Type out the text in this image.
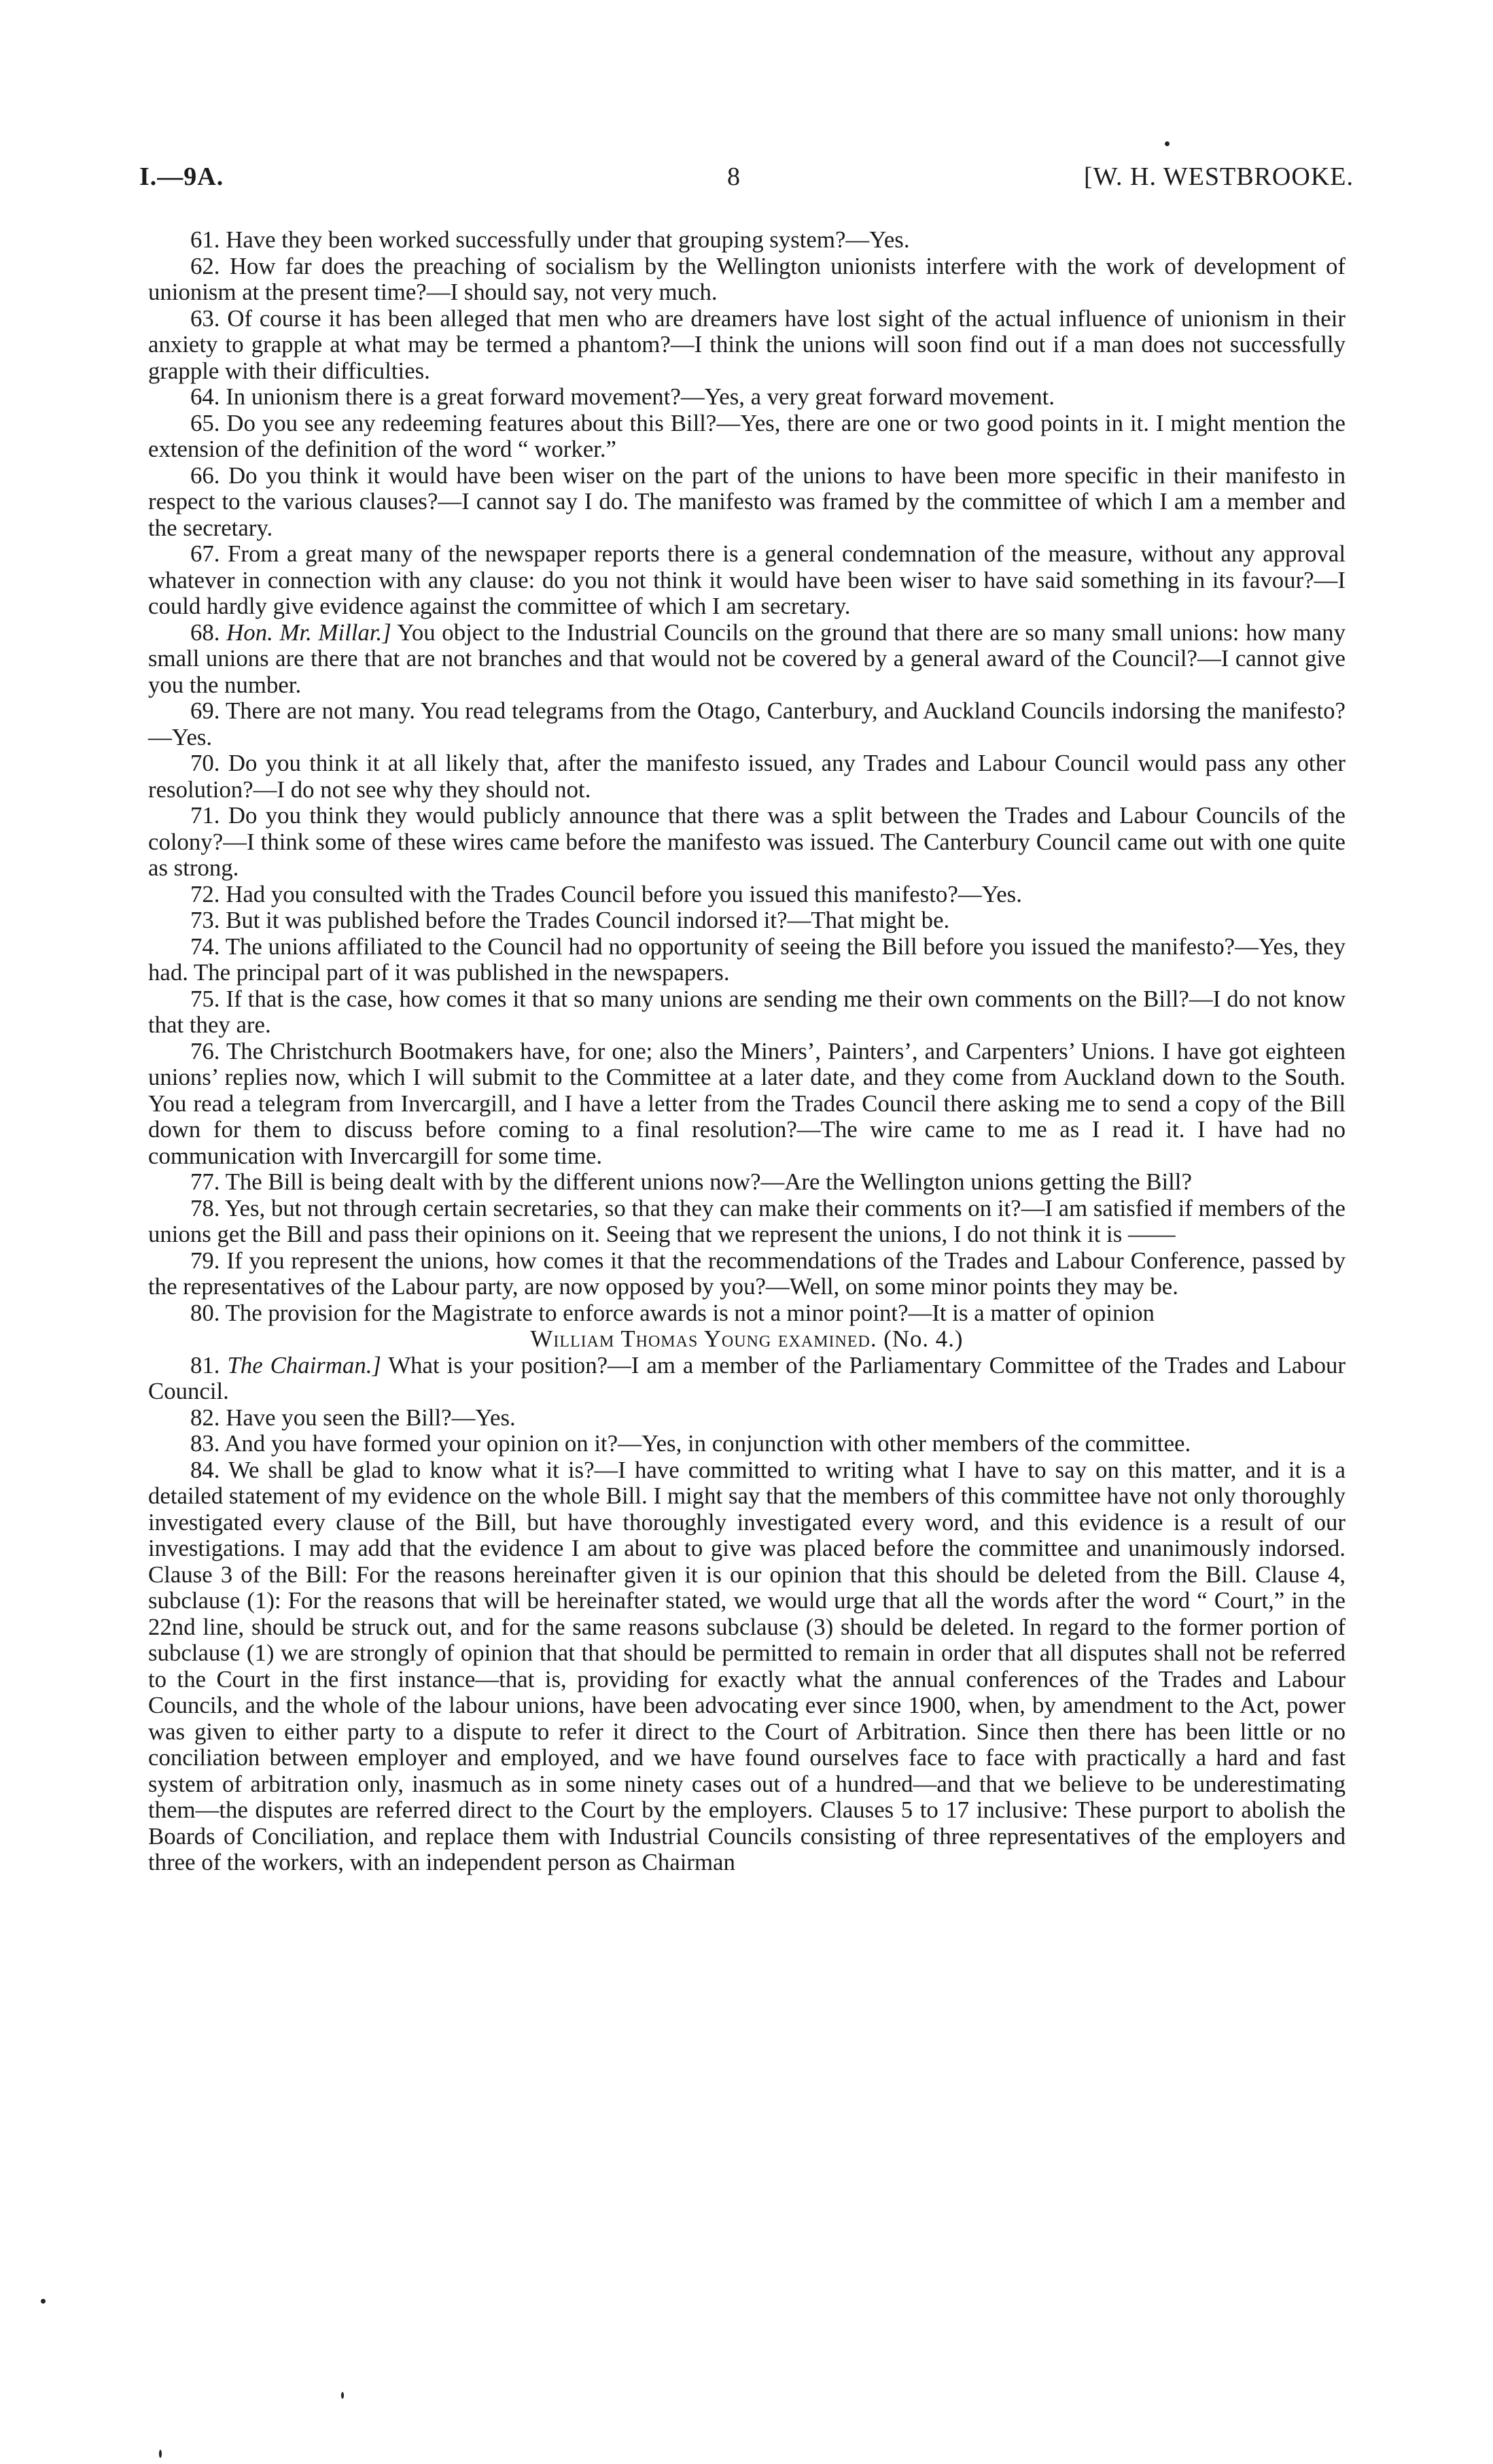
I.—9A.	8	[W. H. WESTBROOKE.

61. Have they been worked successfully under that grouping system?—Yes.

62. How far does the preaching of socialism by the Wellington unionists interfere with the work of development of unionism at the present time?—I should say, not very much.

63. Of course it has been alleged that men who are dreamers have lost sight of the actual influence of unionism in their anxiety to grapple at what may be termed a phantom?—I think the unions will soon find out if a man does not successfully grapple with their difficulties.

64. In unionism there is a great forward movement?—Yes, a very great forward movement.

65. Do you see any redeeming features about this Bill?—Yes, there are one or two good points in it. I might mention the extension of the definition of the word “ worker.”

66. Do you think it would have been wiser on the part of the unions to have been more specific in their manifesto in respect to the various clauses?—I cannot say I do. The manifesto was framed by the committee of which I am a member and the secretary.

67. From a great many of the newspaper reports there is a general condemnation of the measure, without any approval whatever in connection with any clause: do you not think it would have been wiser to have said something in its favour?—I could hardly give evidence against the committee of which I am secretary.

68. Hon. Mr. Millar.] You object to the Industrial Councils on the ground that there are so many small unions: how many small unions are there that are not branches and that would not be covered by a general award of the Council?—I cannot give you the number.

69. There are not many. You read telegrams from the Otago, Canterbury, and Auckland Councils indorsing the manifesto?—Yes.

70. Do you think it at all likely that, after the manifesto issued, any Trades and Labour Council would pass any other resolution?—I do not see why they should not.

71. Do you think they would publicly announce that there was a split between the Trades and Labour Councils of the colony?—I think some of these wires came before the manifesto was issued. The Canterbury Council came out with one quite as strong.

72. Had you consulted with the Trades Council before you issued this manifesto?—Yes.

73. But it was published before the Trades Council indorsed it?—That might be.

74. The unions affiliated to the Council had no opportunity of seeing the Bill before you issued the manifesto?—Yes, they had. The principal part of it was published in the newspapers.

75. If that is the case, how comes it that so many unions are sending me their own comments on the Bill?—I do not know that they are.

76. The Christchurch Bootmakers have, for one; also the Miners’, Painters’, and Carpenters’ Unions. I have got eighteen unions’ replies now, which I will submit to the Committee at a later date, and they come from Auckland down to the South. You read a telegram from Invercargill, and I have a letter from the Trades Council there asking me to send a copy of the Bill down for them to discuss before coming to a final resolution?—The wire came to me as I read it. I have had no communication with Invercargill for some time.

77. The Bill is being dealt with by the different unions now?—Are the Wellington unions getting the Bill?

78. Yes, but not through certain secretaries, so that they can make their comments on it?—I am satisfied if members of the unions get the Bill and pass their opinions on it. Seeing that we represent the unions, I do not think it is ——

79. If you represent the unions, how comes it that the recommendations of the Trades and Labour Conference, passed by the representatives of the Labour party, are now opposed by you?—Well, on some minor points they may be.

80. The provision for the Magistrate to enforce awards is not a minor point?—It is a matter of opinion

William Thomas Young examined. (No. 4.)

81. The Chairman.] What is your position?—I am a member of the Parliamentary Committee of the Trades and Labour Council.

82. Have you seen the Bill?—Yes.

83. And you have formed your opinion on it?—Yes, in conjunction with other members of the committee.

84. We shall be glad to know what it is?—I have committed to writing what I have to say on this matter, and it is a detailed statement of my evidence on the whole Bill. I might say that the members of this committee have not only thoroughly investigated every clause of the Bill, but have thoroughly investigated every word, and this evidence is a result of our investigations. I may add that the evidence I am about to give was placed before the committee and unanimously indorsed. Clause 3 of the Bill: For the reasons hereinafter given it is our opinion that this should be deleted from the Bill. Clause 4, subclause (1): For the reasons that will be hereinafter stated, we would urge that all the words after the word “ Court,” in the 22nd line, should be struck out, and for the same reasons subclause (3) should be deleted. In regard to the former portion of subclause (1) we are strongly of opinion that that should be permitted to remain in order that all disputes shall not be referred to the Court in the first instance—that is, providing for exactly what the annual conferences of the Trades and Labour Councils, and the whole of the labour unions, have been advocating ever since 1900, when, by amendment to the Act, power was given to either party to a dispute to refer it direct to the Court of Arbitration. Since then there has been little or no conciliation between employer and employed, and we have found ourselves face to face with practically a hard and fast system of arbitration only, inasmuch as in some ninety cases out of a hundred—and that we believe to be underestimating them—the disputes are referred direct to the Court by the employers. Clauses 5 to 17 inclusive: These purport to abolish the Boards of Conciliation, and replace them with Industrial Councils consisting of three representatives of the employers and three of the workers, with an independent person as Chairman
